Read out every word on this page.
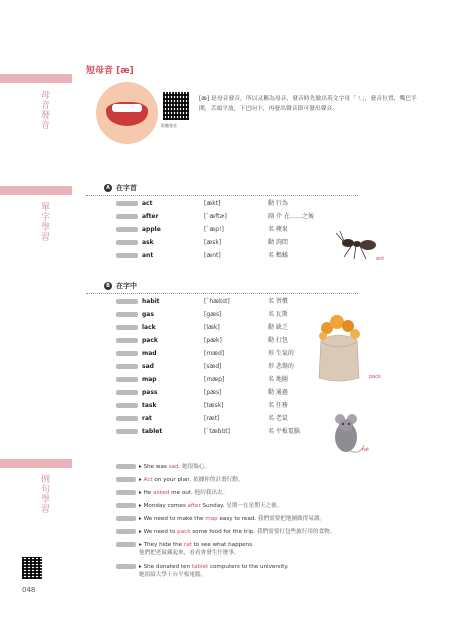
母音發音
單字學習
例句學習
048
短母音 [æ]
聆聽發音
[æ] 是母音發音，所以又稱為母音，發音時先做出英文字母「ㄟ」，發音位置，嘴巴半開，舌頭平放，下巴向下，再發出聲音即可發出聲音。
A 在字首
act	[ækt]	動 行為
after	[ˋæftɚ]	副 介 在……之後
apple	[ˋæp!]	名 蘋果
ask	[æsk]	動 詢問
ant	[ænt]	名 螞蟻	ant
B 在字中
habit	[ˋhæbɪt]	名 習慣
gas	[gæs]	名 瓦斯
lack	[læk]	動 缺乏
pack	[pæk]	動 打包
mad	[mæd]	形 生氣的
sad	[sæd]	形 悲傷的
map	[mæp]	名 地圖
pass	[pæs]	動 通過
task	[tæsk]	名 任務
rat	[ræt]	名 老鼠
tablet	[ˋtæblɪt]	名 平板電腦
pack
rat
▸ She was sad. 她很傷心。
▸ Act on your plan. 依據你的計畫行動。
▸ He asked me out. 他約我出去。
▸ Monday comes after Sunday. 星期一在星期天之後。
▸ We need to make the map easy to read. 我們需要把地圖做得易讀。
▸ We need to pack some food for the trip. 我們需要打包些旅行用的食物。
▸ They hide the rat to see what happens.
他們把老鼠藏起來，看看會發生什麼事。
▸ She donated ten tablet computers to the university.
她捐給大學十台平板電腦。
